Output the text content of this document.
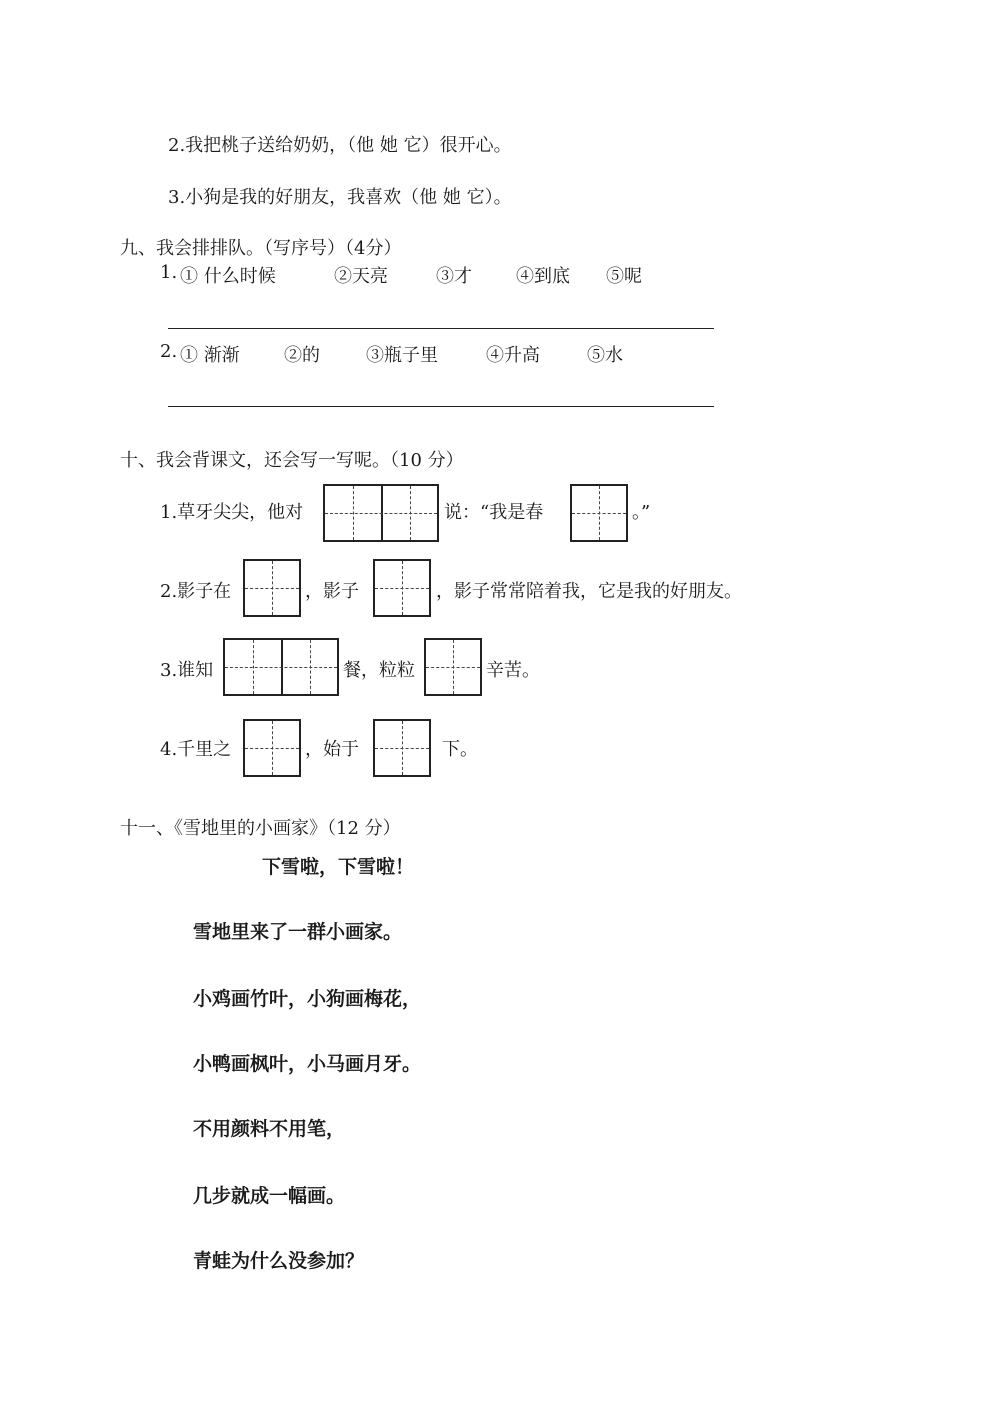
2.我把桃子送给奶奶，（他 她 它）很开心。
3.小狗是我的好朋友，我喜欢（他 她 它）。
九、我会排排队。（写序号）（4分）
1. ① 什么时候	②天亮	③才 ④到底 ⑤呢
2. ① 渐渐 ②的	③瓶子里	④升高	⑤水
十、我会背课文，还会写一写呢。（10 分）
1.草牙尖尖，他对	说：“我是春	。”
2.影子在	，影子	，影子常常陪着我，它是我的好朋友。
3.谁知	餐，粒粒	辛苦。
4.千里之	，始于	下。
十一、《雪地里的小画家》（12 分）
下雪啦，下雪啦！
雪地里来了一群小画家。
小鸡画竹叶，小狗画梅花，
小鸭画枫叶，小马画月牙。
不用颜料不用笔，
几步就成一幅画。
青蛙为什么没参加？
